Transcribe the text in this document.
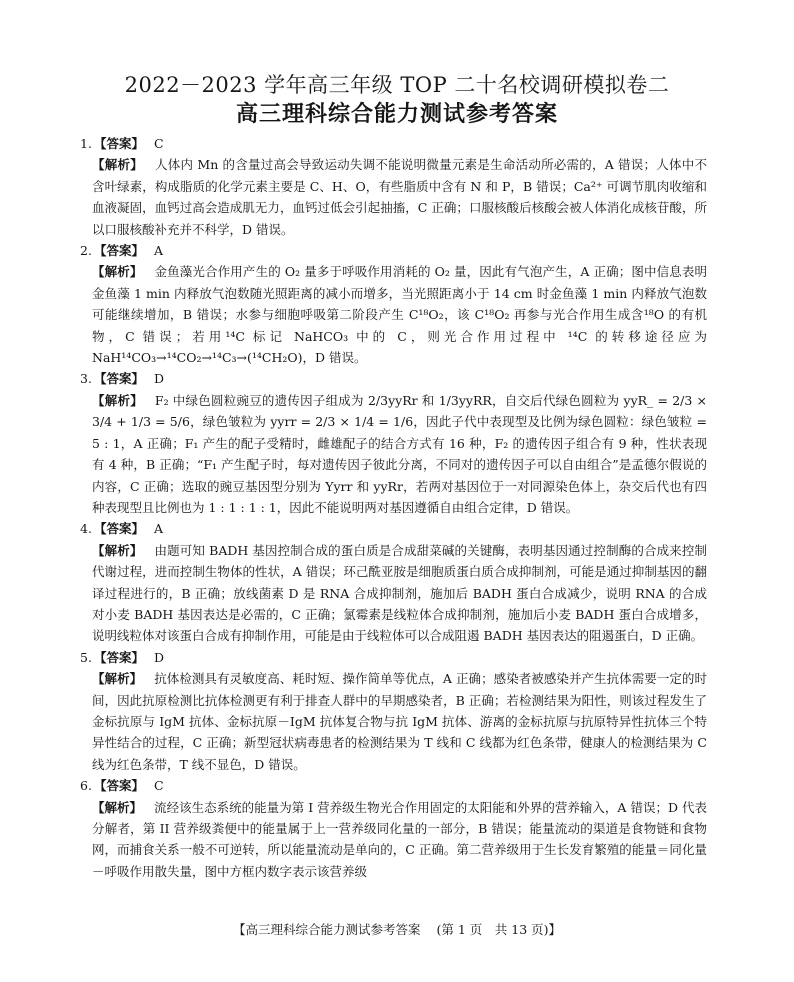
2022－2023 学年高三年级 TOP 二十名校调研模拟卷二
高三理科综合能力测试参考答案
1. 【答案】 C

【解析】 人体内 Mn 的含量过高会导致运动失调不能说明微量元素是生命活动所必需的，A 错误；人体中不含叶绿素，构成脂质的化学元素主要是 C、H、O，有些脂质中含有 N 和 P，B 错误；Ca²⁺ 可调节肌肉收缩和血液凝固，血钙过高会造成肌无力，血钙过低会引起抽搐，C 正确；口服核酸后核酸会被人体消化成核苷酸，所以口服核酸补充并不科学，D 错误。

2. 【答案】 A

【解析】 金鱼藻光合作用产生的 O₂ 量多于呼吸作用消耗的 O₂ 量，因此有气泡产生，A 正确；图中信息表明金鱼藻 1 min 内释放气泡数随光照距离的减小而增多，当光照距离小于 14 cm 时金鱼藻 1 min 内释放气泡数可能继续增加，B 错误；水参与细胞呼吸第二阶段产生 C¹⁸O₂，该 C¹⁸O₂ 再参与光合作用生成含¹⁸O 的有机物，C 错误；若用¹⁴C 标记 NaHCO₃ 中的 C，则光合作用过程中 ¹⁴C 的转移途径应为 NaH¹⁴CO₃→¹⁴CO₂→¹⁴C₃→(¹⁴CH₂O)，D 错误。

3. 【答案】 D

【解析】 F₂ 中绿色圆粒豌豆的遗传因子组成为 2/3yyRr 和 1/3yyRR，自交后代绿色圆粒为 yyR_ = 2/3 × 3/4 + 1/3 = 5/6，绿色皱粒为 yyrr = 2/3 × 1/4 = 1/6，因此子代中表现型及比例为绿色圆粒：绿色皱粒 = 5 : 1，A 正确；F₁ 产生的配子受精时，雌雄配子的结合方式有 16 种，F₂ 的遗传因子组合有 9 种，性状表现有 4 种，B 正确；“F₁ 产生配子时，每对遗传因子彼此分离，不同对的遗传因子可以自由组合”是孟德尔假说的内容，C 正确；选取的豌豆基因型分别为 Yyrr 和 yyRr，若两对基因位于一对同源染色体上，杂交后代也有四种表现型且比例也为 1 : 1 : 1 : 1，因此不能说明两对基因遵循自由组合定律，D 错误。

4. 【答案】 A

【解析】 由题可知 BADH 基因控制合成的蛋白质是合成甜菜碱的关键酶，表明基因通过控制酶的合成来控制代谢过程，进而控制生物体的性状，A 错误；环己酰亚胺是细胞质蛋白质合成抑制剂，可能是通过抑制基因的翻译过程进行的，B 正确；放线菌素 D 是 RNA 合成抑制剂，施加后 BADH 蛋白合成减少，说明 RNA 的合成对小麦 BADH 基因表达是必需的，C 正确；氯霉素是线粒体合成抑制剂，施加后小麦 BADH 蛋白合成增多，说明线粒体对该蛋白合成有抑制作用，可能是由于线粒体可以合成阻遏 BADH 基因表达的阻遏蛋白，D 正确。

5. 【答案】 D

【解析】 抗体检测具有灵敏度高、耗时短、操作简单等优点，A 正确；感染者被感染并产生抗体需要一定的时间，因此抗原检测比抗体检测更有利于排查人群中的早期感染者，B 正确；若检测结果为阳性，则该过程发生了金标抗原与 IgM 抗体、金标抗原－IgM 抗体复合物与抗 IgM 抗体、游离的金标抗原与抗原特异性抗体三个特异性结合的过程，C 正确；新型冠状病毒患者的检测结果为 T 线和 C 线都为红色条带，健康人的检测结果为 C 线为红色条带，T 线不显色，D 错误。

6. 【答案】 C

【解析】 流经该生态系统的能量为第 I 营养级生物光合作用固定的太阳能和外界的营养输入，A 错误；D 代表分解者，第 II 营养级粪便中的能量属于上一营养级同化量的一部分，B 错误；能量流动的渠道是食物链和食物网，而捕食关系一般不可逆转，所以能量流动是单向的，C 正确。第二营养级用于生长发育繁殖的能量＝同化量－呼吸作用散失量，图中方框内数字表示该营养级

【高三理科综合能力测试参考答案 (第 1 页　共 13 页)】
